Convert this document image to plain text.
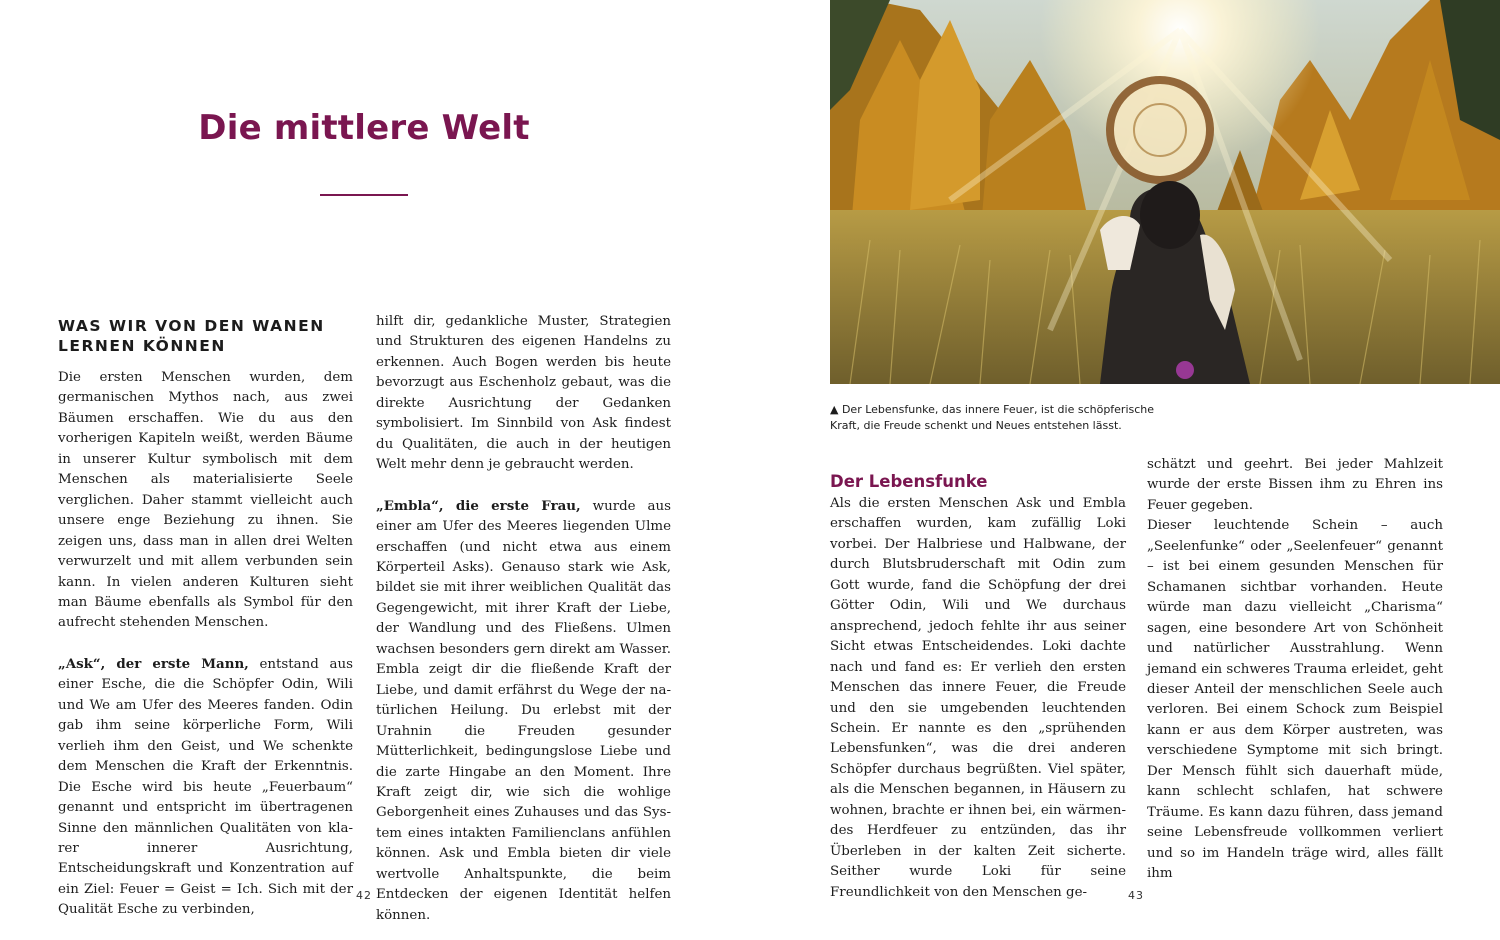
Die mittlere Welt
WAS WIR VON DEN WANEN LERNEN KÖNNEN

Die ersten Menschen wurden, dem germanischen Mythos nach, aus zwei Bäumen erschaffen. Wie du aus den vorherigen Kapiteln weißt, werden Bäume in unserer Kultur symbolisch mit dem Menschen als materialisierte Seele verglichen. Daher stammt vielleicht auch unsere enge Beziehung zu ihnen. Sie zeigen uns, dass man in allen drei Welten verwurzelt und mit allem verbunden sein kann. In vielen anderen Kulturen sieht man Bäume ebenfalls als Symbol für den aufrecht stehenden Menschen.

„Ask“, der erste Mann, entstand aus einer Esche, die die Schöpfer Odin, Wili und We am Ufer des Meeres fanden. Odin gab ihm seine körperliche Form, Wili verlieh ihm den Geist, und We schenkte dem Menschen die Kraft der Erkenntnis. Die Esche wird bis heute „Feuerbaum“ genannt und entspricht im übertragenen Sinne den männlichen Qualitäten von klarer innerer Ausrichtung, Entscheidungskraft und Konzentration auf ein Ziel: Feuer = Geist = Ich. Sich mit der Qualität Esche zu verbinden,

hilft dir, gedankliche Muster, Strategien und Strukturen des eigenen Handelns zu erkennen. Auch Bogen werden bis heute bevorzugt aus Eschenholz gebaut, was die direkte Ausrichtung der Gedanken symbolisiert. Im Sinnbild von Ask findest du Qualitäten, die auch in der heutigen Welt mehr denn je gebraucht werden.

„Embla“, die erste Frau, wurde aus einer am Ufer des Meeres liegenden Ulme erschaffen (und nicht etwa aus einem Körperteil Asks). Genauso stark wie Ask, bildet sie mit ihrer weiblichen Qualität das Gegengewicht, mit ihrer Kraft der Liebe, der Wandlung und des Fließens. Ulmen wachsen besonders gern direkt am Wasser. Embla zeigt dir die fließende Kraft der Liebe, und damit erfährst du Wege der natürlichen Heilung. Du erlebst mit der Urahnin die Freuden gesunder Mütterlichkeit, bedingungslose Liebe und die zarte Hingabe an den Moment. Ihre Kraft zeigt dir, wie sich die wohlige Geborgenheit eines Zuhauses und das System eines intakten Familienclans anfühlen können. Ask und Embla bieten dir viele wertvolle Anhaltspunkte, die beim Entdecken der eigenen Identität helfen können.

42
▲ Der Lebensfunke, das innere Feuer, ist die schöpferische Kraft, die Freude schenkt und Neues entstehen lässt.
Der Lebensfunke

Als die ersten Menschen Ask und Embla erschaffen wurden, kam zufällig Loki vorbei. Der Halbriese und Halbwane, der durch Blutsbruderschaft mit Odin zum Gott wurde, fand die Schöpfung der drei Götter Odin, Wili und We durchaus ansprechend, jedoch fehlte ihr aus seiner Sicht etwas Entscheidendes. Loki dachte nach und fand es: Er verlieh den ersten Menschen das innere Feuer, die Freude und den sie umgebenden leuchtenden Schein. Er nannte es den „sprühenden Lebensfunken“, was die drei anderen Schöpfer durchaus begrüßten. Viel später, als die Menschen begannen, in Häusern zu wohnen, brachte er ihnen bei, ein wärmendes Herdfeuer zu entzünden, das ihr Überleben in der kalten Zeit sicherte. Seither wurde Loki für seine Freundlichkeit von den Menschen ge-

schätzt und geehrt. Bei jeder Mahlzeit wurde der erste Bissen ihm zu Ehren ins Feuer gegeben.

Dieser leuchtende Schein – auch „Seelenfunke“ oder „Seelenfeuer“ genannt – ist bei einem gesunden Menschen für Schamanen sichtbar vorhanden. Heute würde man dazu vielleicht „Charisma“ sagen, eine besondere Art von Schönheit und natürlicher Ausstrahlung. Wenn jemand ein schweres Trauma erleidet, geht dieser Anteil der menschlichen Seele auch verloren. Bei einem Schock zum Beispiel kann er aus dem Körper austreten, was verschiedene Symptome mit sich bringt. Der Mensch fühlt sich dauerhaft müde, kann schlecht schlafen, hat schwere Träume. Es kann dazu führen, dass jemand seine Lebensfreude vollkommen verliert und so im Handeln träge wird, alles fällt ihm

43
